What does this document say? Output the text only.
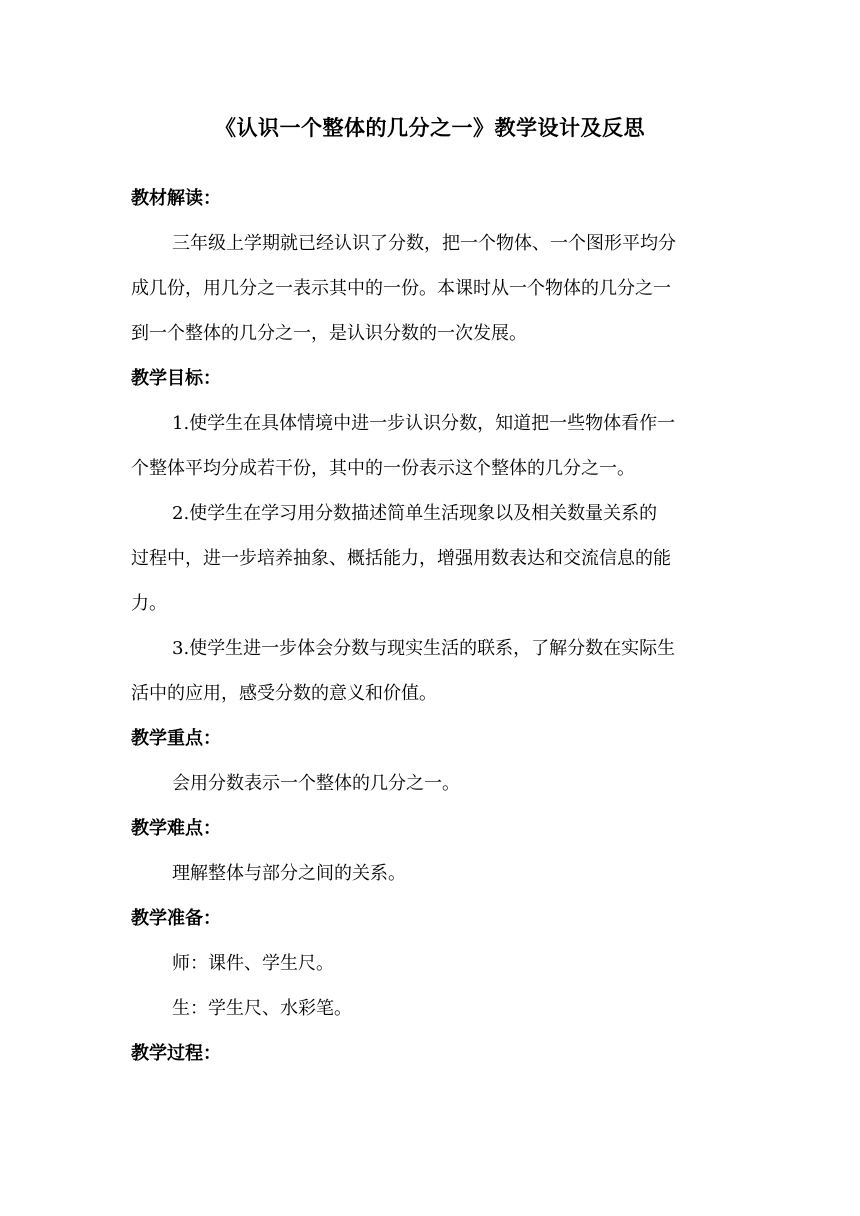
《认识一个整体的几分之一》教学设计及反思
教材解读：
三年级上学期就已经认识了分数，把一个物体、一个图形平均分
成几份，用几分之一表示其中的一份。本课时从一个物体的几分之一
到一个整体的几分之一，是认识分数的一次发展。
教学目标：
1.使学生在具体情境中进一步认识分数，知道把一些物体看作一
个整体平均分成若干份，其中的一份表示这个整体的几分之一。
2.使学生在学习用分数描述简单生活现象以及相关数量关系的
过程中，进一步培养抽象、概括能力，增强用数表达和交流信息的能
力。
3.使学生进一步体会分数与现实生活的联系，了解分数在实际生
活中的应用，感受分数的意义和价值。
教学重点：
会用分数表示一个整体的几分之一。
教学难点：
理解整体与部分之间的关系。
教学准备：
师：课件、学生尺。
生：学生尺、水彩笔。
教学过程：
